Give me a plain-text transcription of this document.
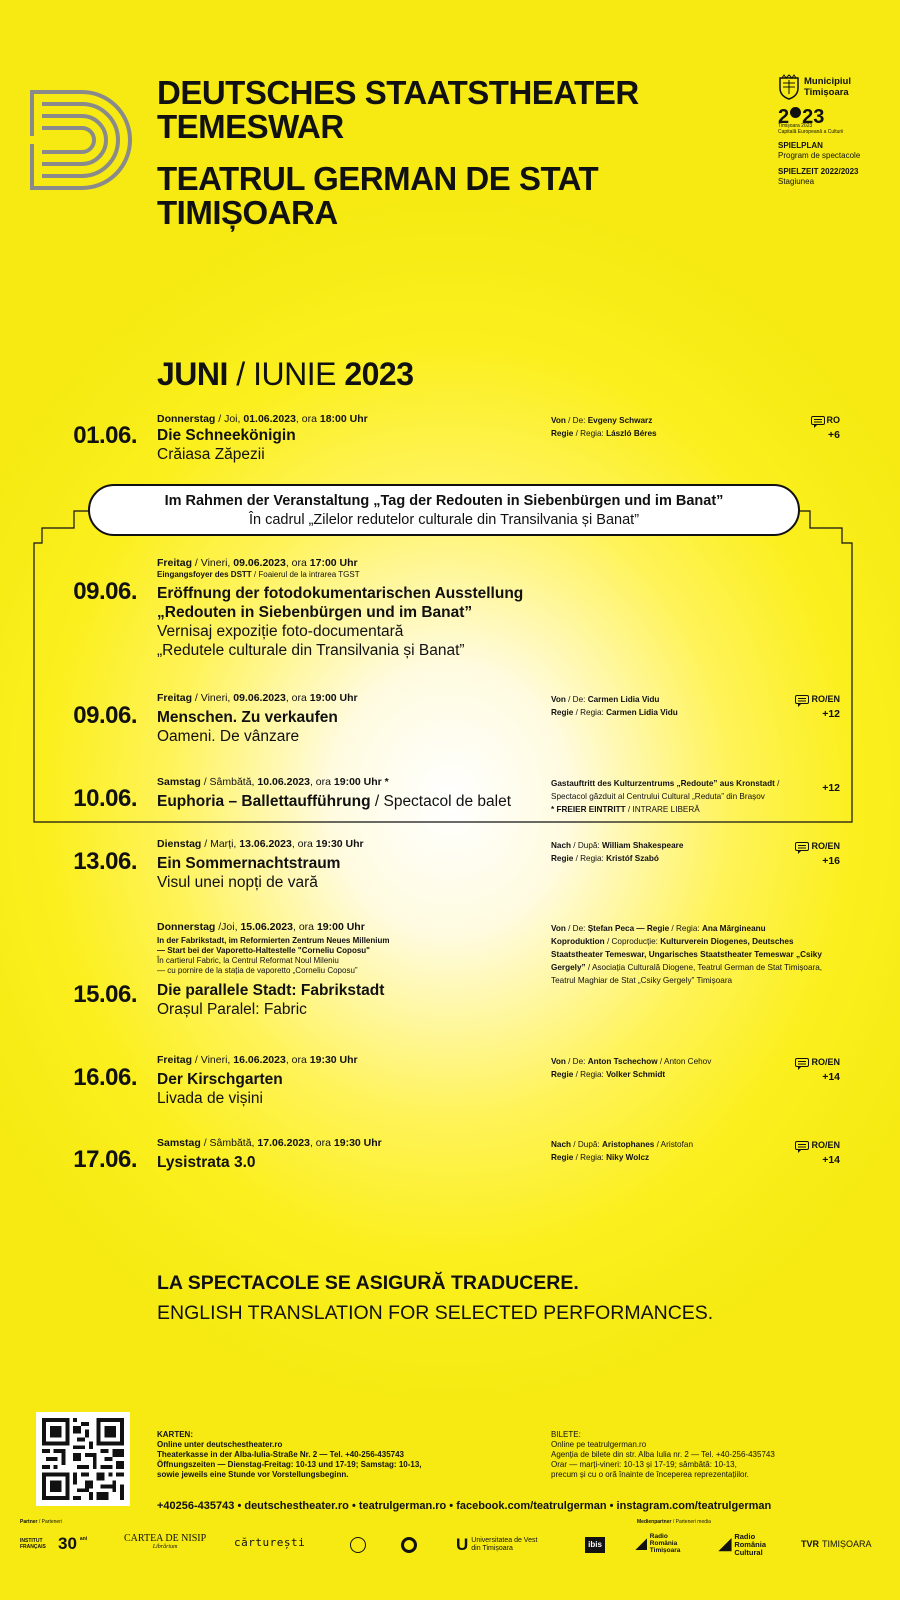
DEUTSCHES STAATSTHEATER
TEMESWAR
TEATRUL GERMAN DE STAT
TIMIȘOARA
Municipiul
Timișoara
2 23
Timișoara 2023
Capitală Europeană a Culturii
SPIELPLAN
Program de spectacole
SPIELZEIT 2022/2023
Stagiunea
JUNI / IUNIE 2023
Im Rahmen der Veranstaltung „Tag der Redouten in Siebenbürgen und im Banat”
În cadrul „Zilelor redutelor culturale din Transilvania și Banat”
01.06.
Donnerstag / Joi, 01.06.2023, ora 18:00 Uhr
Die Schneekönigin
Crăiasa Zăpezii
Von / De: Evgeny Schwarz
Regie / Regia: László Béres
RO
+6
09.06.
Freitag / Vineri, 09.06.2023, ora 17:00 Uhr
Eingangsfoyer des DSTT / Foaierul de la intrarea TGST
Eröffnung der fotodokumentarischen Ausstellung
„Redouten in Siebenbürgen und im Banat”
Vernisaj expoziție foto-documentară
„Redutele culturale din Transilvania și Banat”
09.06.
Freitag / Vineri, 09.06.2023, ora 19:00 Uhr
Menschen. Zu verkaufen
Oameni. De vânzare
Von / De: Carmen Lidia Vidu
Regie / Regia: Carmen Lidia Vidu
RO/EN
+12
10.06.
Samstag / Sâmbătă, 10.06.2023, ora 19:00 Uhr *
Euphoria – Ballettaufführung / Spectacol de balet
Gastauftritt des Kulturzentrums „Redoute” aus Kronstadt /
Spectacol găzduit al Centrului Cultural „Reduta” din Brașov
* FREIER EINTRITT / INTRARE LIBERĂ
+12
13.06.
Dienstag / Marți, 13.06.2023, ora 19:30 Uhr
Ein Sommernachtstraum
Visul unei nopți de vară
Nach / După: William Shakespeare
Regie / Regia: Kristóf Szabó
RO/EN
+16
15.06.
Donnerstag /Joi, 15.06.2023, ora 19:00 Uhr
In der Fabrikstadt, im Reformierten Zentrum Neues Millenium
— Start bei der Vaporetto-Haltestelle "Corneliu Coposu"
În cartierul Fabric, la Centrul Reformat Noul Mileniu
— cu pornire de la stația de vaporetto „Corneliu Coposu”
Die parallele Stadt: Fabrikstadt
Orașul Paralel: Fabric
Von / De: Ștefan Peca — Regie / Regia: Ana Mărgineanu
Koproduktion / Coproducție: Kulturverein Diogenes, Deutsches
Staatstheater Temeswar, Ungarisches Staatstheater Temeswar „Csiky
Gergely” / Asociația Culturală Diogene, Teatrul German de Stat Timișoara,
Teatrul Maghiar de Stat „Csiky Gergely” Timișoara
16.06.
Freitag / Vineri, 16.06.2023, ora 19:30 Uhr
Der Kirschgarten
Livada de vișini
Von / De: Anton Tschechow / Anton Cehov
Regie / Regia: Volker Schmidt
RO/EN
+14
17.06.
Samstag / Sâmbătă, 17.06.2023, ora 19:30 Uhr
Lysistrata 3.0
Nach / După: Aristophanes / Aristofan
Regie / Regia: Niky Wolcz
RO/EN
+14
LA SPECTACOLE SE ASIGURĂ TRADUCERE.
ENGLISH TRANSLATION FOR SELECTED PERFORMANCES.
KARTEN:
Online unter deutschestheater.ro
Theaterkasse in der Alba-Iulia-Straße Nr. 2 — Tel. +40-256-435743
Öffnungszeiten — Dienstag-Freitag: 10-13 und 17-19; Samstag: 10-13,
sowie jeweils eine Stunde vor Vorstellungsbeginn.
BILETE:
Online pe teatrulgerman.ro
Agenția de bilete din str. Alba Iulia nr. 2 — Tel. +40-256-435743
Orar — marți-vineri: 10-13 și 17-19; sâmbătă: 10-13,
precum și cu o oră înainte de începerea reprezentațiilor.
+40256-435743 • deutschestheater.ro • teatrulgerman.ro • facebook.com/teatrulgerman • instagram.com/teatrulgerman
Partner / Parteneri	Medienpartner / Parteneri media
INSTITUT FRANÇAIS 30 ani	CARTEA DE NISIP
Librărium	cărturești	U Universitatea de Vest
din Timișoara	ibis ◢ Radio
România
Timișoara ◢ Radio
România
Cultural
TVR TIMIȘOARA
